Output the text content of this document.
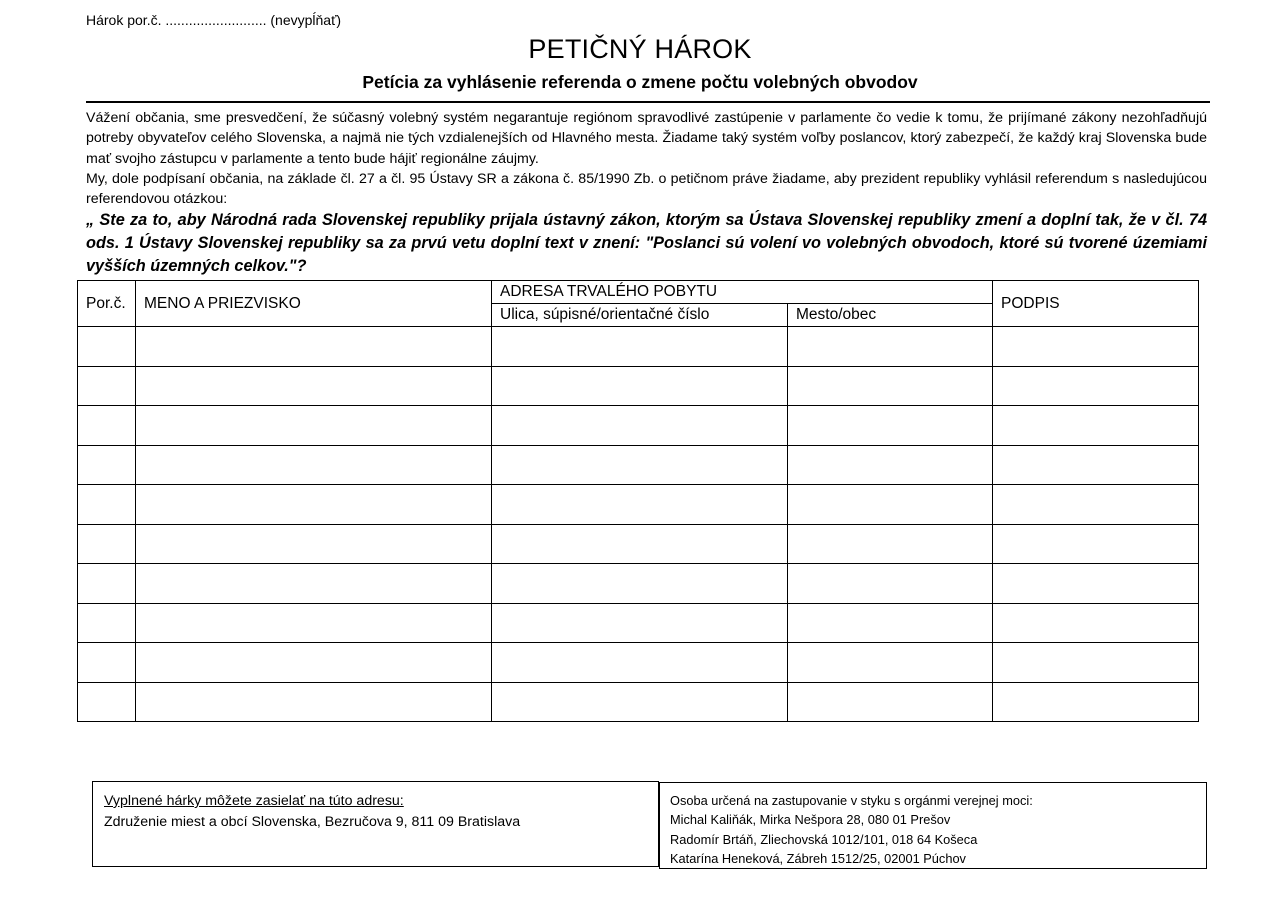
Hárok por.č. .......................... (nevypĺňať)
PETIČNÝ HÁROK
Petícia za vyhlásenie referenda o zmene počtu volebných obvodov

Vážení občania, sme presvedčení, že súčasný volebný systém negarantuje regiónom spravodlivé zastúpenie v parlamente čo vedie k tomu, že prijímané zákony nezohľadňujú potreby obyvateľov celého Slovenska, a najmä nie tých vzdialenejších od Hlavného mesta. Žiadame taký systém voľby poslancov, ktorý zabezpečí, že každý kraj Slovenska bude mať svojho zástupcu v parlamente a tento bude hájiť regionálne záujmy.

My, dole podpísaní občania, na základe čl. 27 a čl. 95 Ústavy SR a zákona č. 85/1990 Zb. o petičnom práve žiadame, aby prezident republiky vyhlásil referendum s nasledujúcou referendovou otázkou:

„ Ste za to, aby Národná rada Slovenskej republiky prijala ústavný zákon, ktorým sa Ústava Slovenskej republiky zmení a doplní tak, že v čl. 74 ods. 1 Ústavy Slovenskej republiky sa za prvú vetu doplní text v znení: "Poslanci sú volení vo volebných obvodoch, ktoré sú tvorené územiami vyšších územných celkov."?

Por.č.	MENO A PRIEZVISKO	ADRESA TRVALÉHO POBYTU		PODPIS
		Ulica, súpisné/orientačné číslo	Mesto/obec	

Vyplnené hárky môžete zasielať na túto adresu:
Združenie miest a obcí Slovenska, Bezručova 9, 811 09 Bratislava
Osoba určená na zastupovanie v styku s orgánmi verejnej moci:
Michal Kaliňák, Mirka Nešpora 28, 080 01 Prešov
Radomír Brtáň, Zliechovská 1012/101, 018 64 Košeca
Katarína Heneková, Zábreh 1512/25, 02001 Púchov
